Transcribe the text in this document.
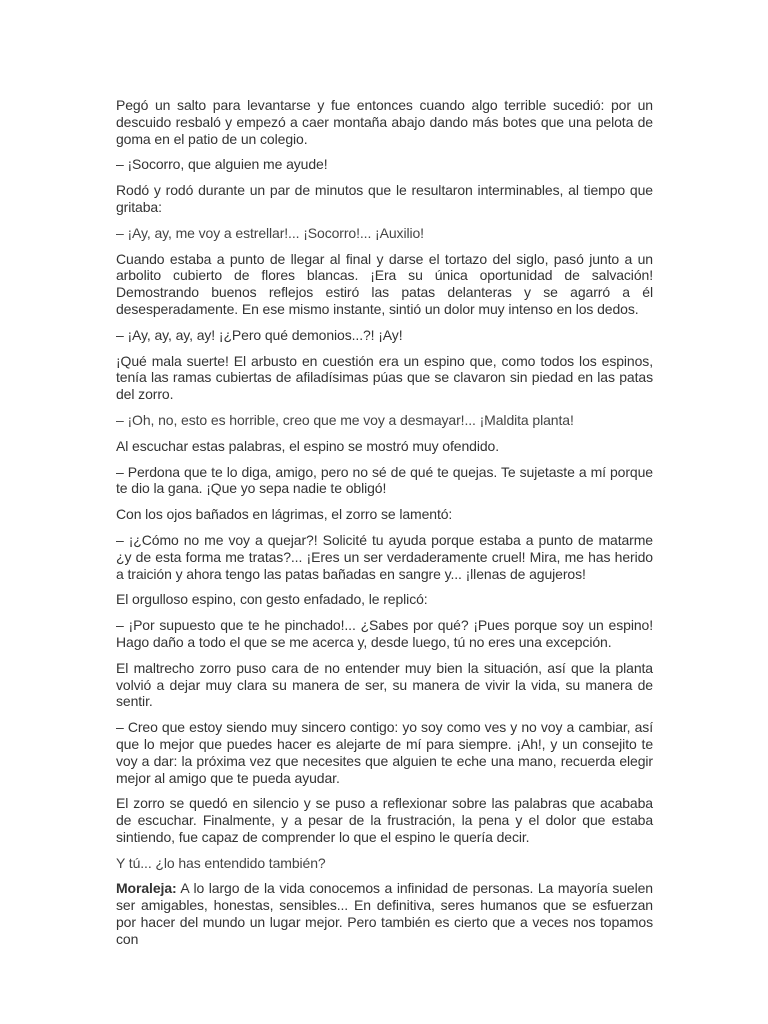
Pegó un salto para levantarse y fue entonces cuando algo terrible sucedió: por un descuido resbaló y empezó a caer montaña abajo dando más botes que una pelota de goma en el patio de un colegio.

– ¡Socorro, que alguien me ayude!

Rodó y rodó durante un par de minutos que le resultaron interminables, al tiempo que gritaba:

– ¡Ay, ay, me voy a estrellar!... ¡Socorro!... ¡Auxilio!

Cuando estaba a punto de llegar al final y darse el tortazo del siglo, pasó junto a un arbolito cubierto de flores blancas. ¡Era su única oportunidad de salvación! Demostrando buenos reflejos estiró las patas delanteras y se agarró a él desesperadamente. En ese mismo instante, sintió un dolor muy intenso en los dedos.

– ¡Ay, ay, ay, ay! ¡¿Pero qué demonios...?! ¡Ay!

¡Qué mala suerte! El arbusto en cuestión era un espino que, como todos los espinos, tenía las ramas cubiertas de afiladísimas púas que se clavaron sin piedad en las patas del zorro.

– ¡Oh, no, esto es horrible, creo que me voy a desmayar!... ¡Maldita planta!

Al escuchar estas palabras, el espino se mostró muy ofendido.

– Perdona que te lo diga, amigo, pero no sé de qué te quejas. Te sujetaste a mí porque te dio la gana. ¡Que yo sepa nadie te obligó!

Con los ojos bañados en lágrimas, el zorro se lamentó:

– ¡¿Cómo no me voy a quejar?! Solicité tu ayuda porque estaba a punto de matarme ¿y de esta forma me tratas?... ¡Eres un ser verdaderamente cruel! Mira, me has herido a traición y ahora tengo las patas bañadas en sangre y... ¡llenas de agujeros!

El orgulloso espino, con gesto enfadado, le replicó:

– ¡Por supuesto que te he pinchado!... ¿Sabes por qué? ¡Pues porque soy un espino! Hago daño a todo el que se me acerca y, desde luego, tú no eres una excepción.

El maltrecho zorro puso cara de no entender muy bien la situación, así que la planta volvió a dejar muy clara su manera de ser, su manera de vivir la vida, su manera de sentir.

– Creo que estoy siendo muy sincero contigo: yo soy como ves y no voy a cambiar, así que lo mejor que puedes hacer es alejarte de mí para siempre. ¡Ah!, y un consejito te voy a dar: la próxima vez que necesites que alguien te eche una mano, recuerda elegir mejor al amigo que te pueda ayudar.

El zorro se quedó en silencio y se puso a reflexionar sobre las palabras que acababa de escuchar. Finalmente, y a pesar de la frustración, la pena y el dolor que estaba sintiendo, fue capaz de comprender lo que el espino le quería decir.

Y tú... ¿lo has entendido también?

Moraleja: A lo largo de la vida conocemos a infinidad de personas. La mayoría suelen ser amigables, honestas, sensibles... En definitiva, seres humanos que se esfuerzan por hacer del mundo un lugar mejor. Pero también es cierto que a veces nos topamos con
